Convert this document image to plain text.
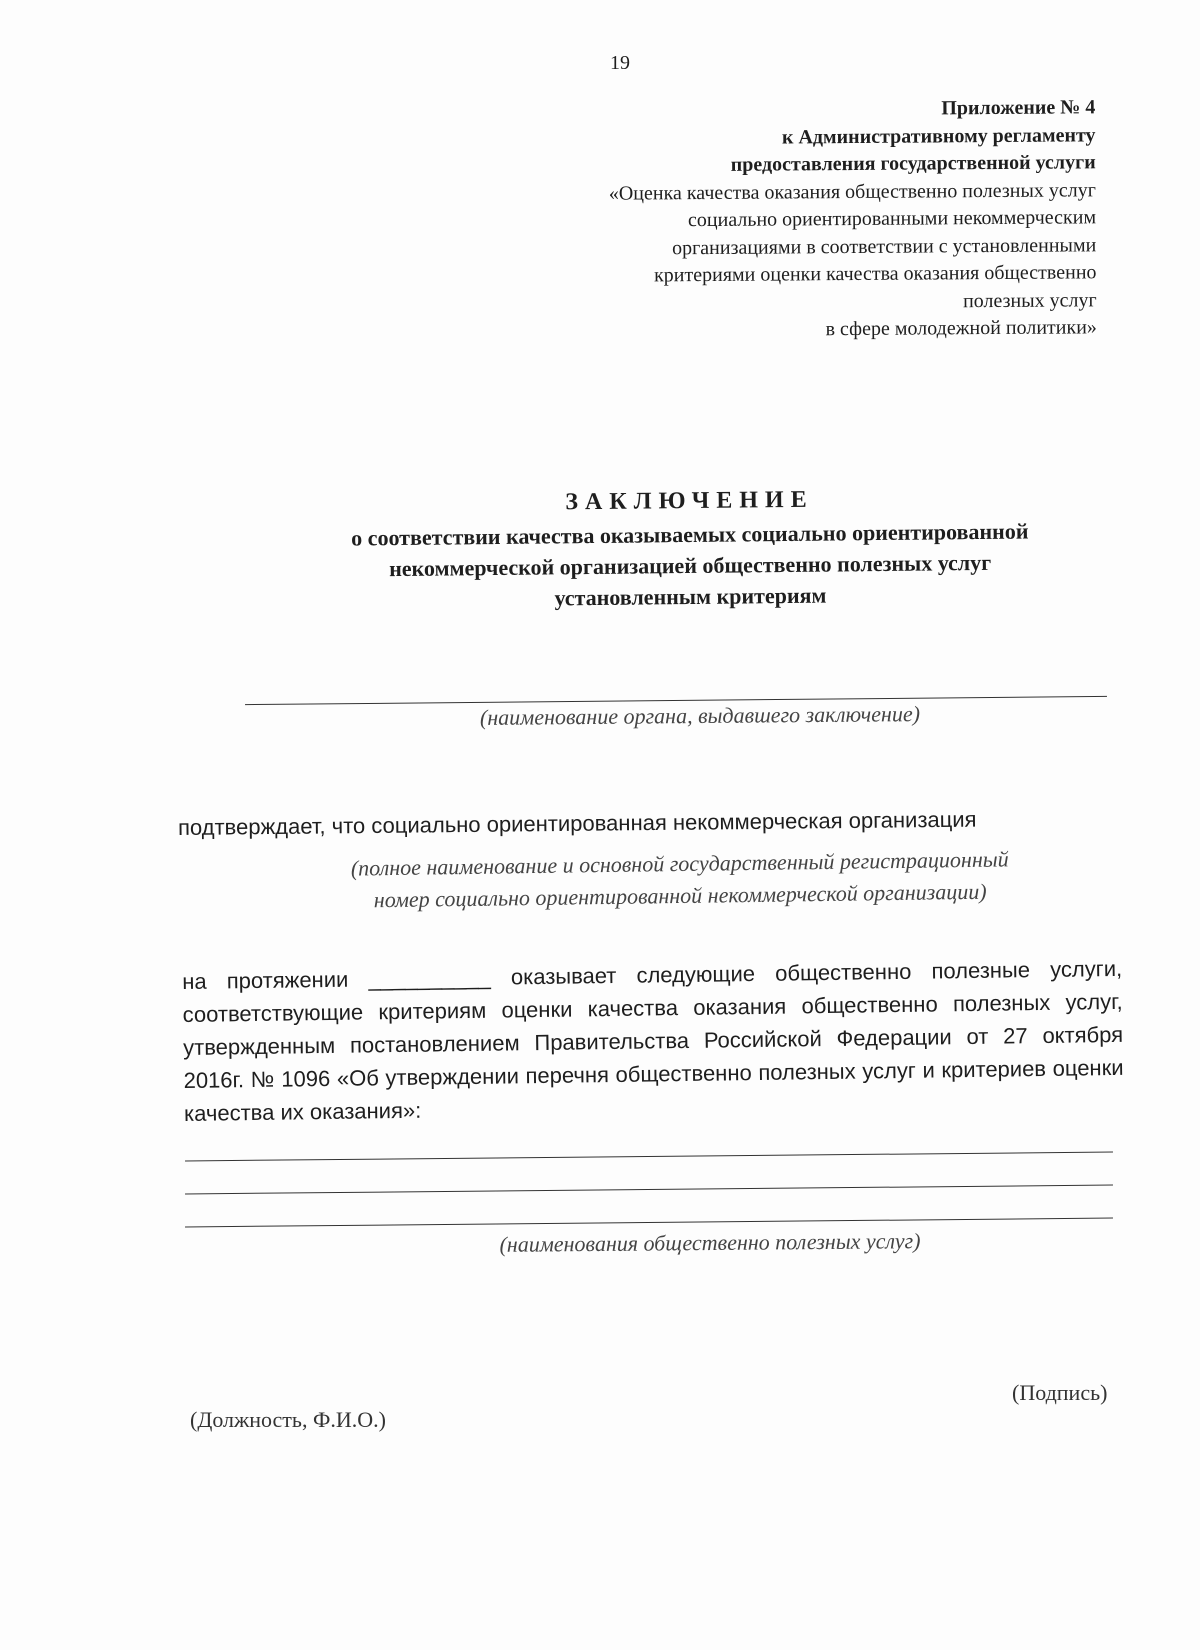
19
Приложение № 4
к Административному регламенту
предоставления государственной услуги
«Оценка качества оказания общественно полезных услуг
социально ориентированными некоммерческим
организациями в соответствии с установленными
критериями оценки качества оказания общественно
полезных услуг
в сфере молодежной политики»
ЗАКЛЮЧЕНИЕ
о соответствии качества оказываемых социально ориентированной
некоммерческой организацией общественно полезных услуг
установленным критериям
(наименование органа, выдавшего заключение)
подтверждает, что социально ориентированная некоммерческая организация
(полное наименование и основной государственный регистрационный
номер социально ориентированной некоммерческой организации)
на протяжении __________ оказывает следующие общественно полезные услуги, соответствующие критериям оценки качества оказания общественно полезных услуг, утвержденным постановлением Правительства Российской Федерации от 27 октября 2016г. № 1096 «Об утверждении перечня общественно полезных услуг и критериев оценки качества их оказания»:
(наименования общественно полезных услуг)
(Должность, Ф.И.О.)
(Подпись)
